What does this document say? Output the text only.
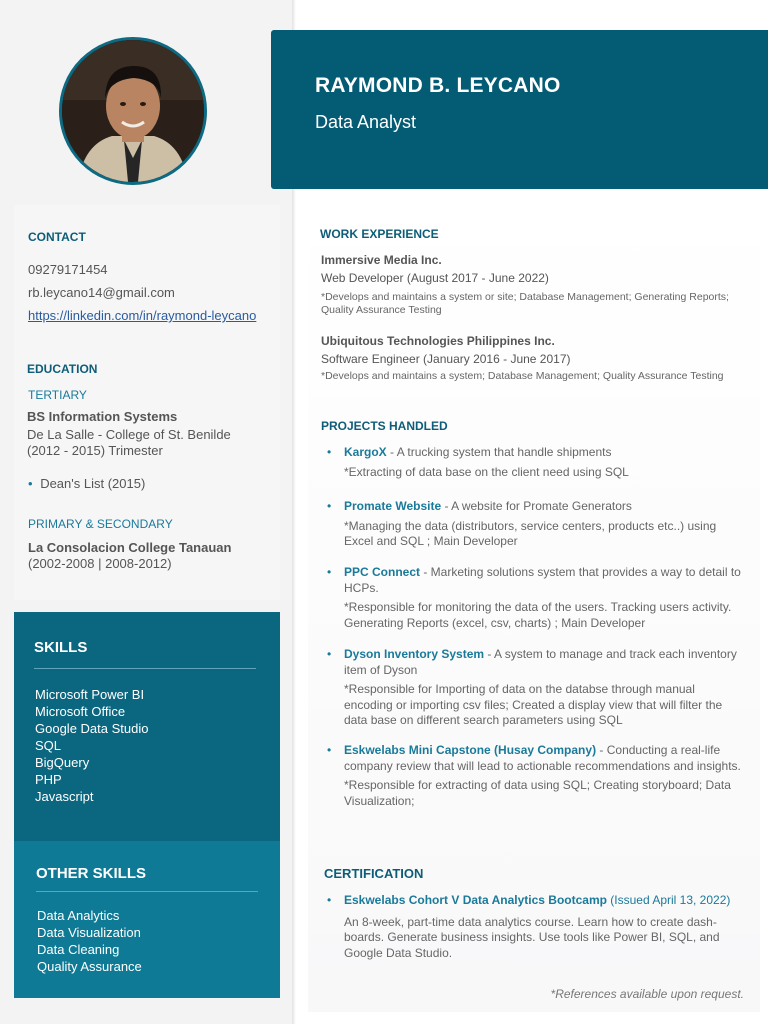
RAYMOND B. LEYCANO
Data Analyst
CONTACT
09279171454
rb.leycano14@gmail.com
https://linkedin.com/in/raymond-leycano
EDUCATION
TERTIARY
BS Information Systems
De La Salle - College of St. Benilde
(2012 - 2015) Trimester
• Dean's List (2015)
PRIMARY & SECONDARY
La Consolacion College Tanauan
(2002-2008 | 2008-2012)
SKILLS
Microsoft Power BI
Microsoft Office
Google Data Studio
SQL
BigQuery
PHP
Javascript
OTHER SKILLS
Data Analytics
Data Visualization
Data Cleaning
Quality Assurance
WORK EXPERIENCE
Immersive Media Inc.
Web Developer (August 2017 - June 2022)
*Develops and maintains a system or site; Database Management; Generating Reports; Quality Assurance Testing
Ubiquitous Technologies Philippines Inc.
Software Engineer (January 2016 - June 2017)
*Develops and maintains a system; Database Management; Quality Assurance Testing
PROJECTS HANDLED
•	KargoX - A trucking system that handle shipments
*Extracting of data base on the client need using SQL
•	Promate Website - A website for Promate Generators
*Managing the data (distributors, service centers, products etc..) using Excel and SQL ; Main Developer
•	PPC Connect - Marketing solutions system that provides a way to detail to HCPs.
*Responsible for monitoring the data of the users. Tracking users activity. Generating Reports (excel, csv, charts) ; Main Developer
•	Dyson Inventory System - A system to manage and track each inventory item of Dyson
*Responsible for Importing of data on the databse through manual encoding or importing csv files; Created a display view that will filter the data base on different search parameters using SQL
•	Eskwelabs Mini Capstone (Husay Company) - Conducting a real-life company review that will lead to actionable recommendations and insights.
*Responsible for extracting of data using SQL; Creating storyboard; Data Visualization;
CERTIFICATION
•	Eskwelabs Cohort V Data Analytics Bootcamp (Issued April 13, 2022)
An 8-week, part-time data analytics course. Learn how to create dash-boards. Generate business insights. Use tools like Power BI, SQL, and Google Data Studio.
*References available upon request.
